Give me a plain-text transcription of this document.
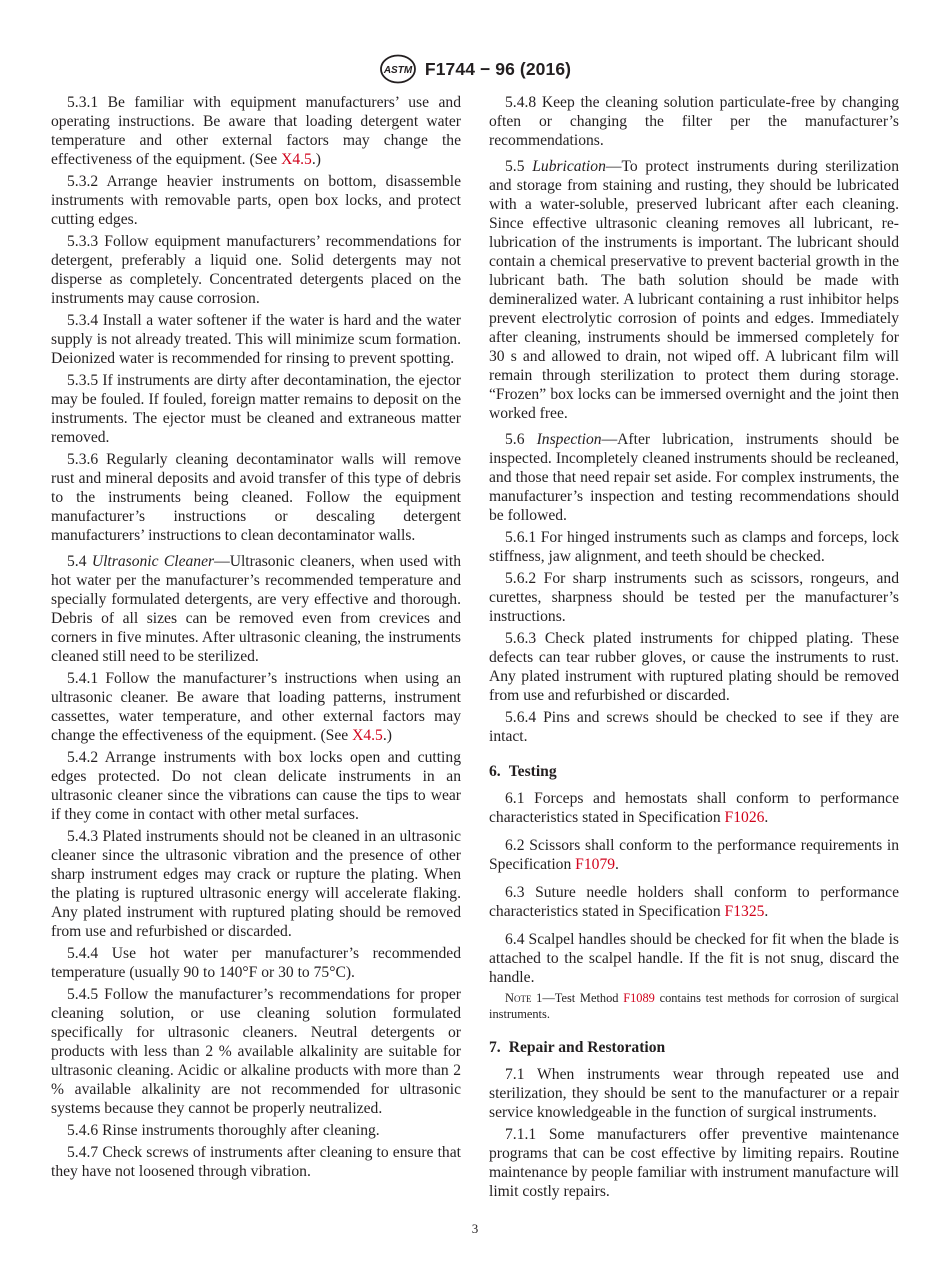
ASTM F1744 − 96 (2016)

5.3.1 Be familiar with equipment manufacturers’ use and operating instructions. Be aware that loading detergent water temperature and other external factors may change the effectiveness of the equipment. (See X4.5.)

5.3.2 Arrange heavier instruments on bottom, disassemble instruments with removable parts, open box locks, and protect cutting edges.

5.3.3 Follow equipment manufacturers’ recommendations for detergent, preferably a liquid one. Solid detergents may not disperse as completely. Concentrated detergents placed on the instruments may cause corrosion.

5.3.4 Install a water softener if the water is hard and the water supply is not already treated. This will minimize scum formation. Deionized water is recommended for rinsing to prevent spotting.

5.3.5 If instruments are dirty after decontamination, the ejector may be fouled. If fouled, foreign matter remains to deposit on the instruments. The ejector must be cleaned and extraneous matter removed.

5.3.6 Regularly cleaning decontaminator walls will remove rust and mineral deposits and avoid transfer of this type of debris to the instruments being cleaned. Follow the equipment manufacturer’s instructions or descaling detergent manufacturers’ instructions to clean decontaminator walls.

5.4 Ultrasonic Cleaner—Ultrasonic cleaners, when used with hot water per the manufacturer’s recommended temperature and specially formulated detergents, are very effective and thorough. Debris of all sizes can be removed even from crevices and corners in five minutes. After ultrasonic cleaning, the instruments cleaned still need to be sterilized.

5.4.1 Follow the manufacturer’s instructions when using an ultrasonic cleaner. Be aware that loading patterns, instrument cassettes, water temperature, and other external factors may change the effectiveness of the equipment. (See X4.5.)

5.4.2 Arrange instruments with box locks open and cutting edges protected. Do not clean delicate instruments in an ultrasonic cleaner since the vibrations can cause the tips to wear if they come in contact with other metal surfaces.

5.4.3 Plated instruments should not be cleaned in an ultrasonic cleaner since the ultrasonic vibration and the presence of other sharp instrument edges may crack or rupture the plating. When the plating is ruptured ultrasonic energy will accelerate flaking. Any plated instrument with ruptured plating should be removed from use and refurbished or discarded.

5.4.4 Use hot water per manufacturer’s recommended temperature (usually 90 to 140°F or 30 to 75°C).

5.4.5 Follow the manufacturer’s recommendations for proper cleaning solution, or use cleaning solution formulated specifically for ultrasonic cleaners. Neutral detergents or products with less than 2 % available alkalinity are suitable for ultrasonic cleaning. Acidic or alkaline products with more than 2 % available alkalinity are not recommended for ultrasonic systems because they cannot be properly neutralized.

5.4.6 Rinse instruments thoroughly after cleaning.

5.4.7 Check screws of instruments after cleaning to ensure that they have not loosened through vibration.

5.4.8 Keep the cleaning solution particulate-free by changing often or changing the filter per the manufacturer’s recommendations.

5.5 Lubrication—To protect instruments during sterilization and storage from staining and rusting, they should be lubricated with a water-soluble, preserved lubricant after each cleaning. Since effective ultrasonic cleaning removes all lubricant, re-lubrication of the instruments is important. The lubricant should contain a chemical preservative to prevent bacterial growth in the lubricant bath. The bath solution should be made with demineralized water. A lubricant containing a rust inhibitor helps prevent electrolytic corrosion of points and edges. Immediately after cleaning, instruments should be immersed completely for 30 s and allowed to drain, not wiped off. A lubricant film will remain through sterilization to protect them during storage. “Frozen” box locks can be immersed overnight and the joint then worked free.

5.6 Inspection—After lubrication, instruments should be inspected. Incompletely cleaned instruments should be recleaned, and those that need repair set aside. For complex instruments, the manufacturer’s inspection and testing recommendations should be followed.

5.6.1 For hinged instruments such as clamps and forceps, lock stiffness, jaw alignment, and teeth should be checked.

5.6.2 For sharp instruments such as scissors, rongeurs, and curettes, sharpness should be tested per the manufacturer’s instructions.

5.6.3 Check plated instruments for chipped plating. These defects can tear rubber gloves, or cause the instruments to rust. Any plated instrument with ruptured plating should be removed from use and refurbished or discarded.

5.6.4 Pins and screws should be checked to see if they are intact.

6. Testing

6.1 Forceps and hemostats shall conform to performance characteristics stated in Specification F1026.

6.2 Scissors shall conform to the performance requirements in Specification F1079.

6.3 Suture needle holders shall conform to performance characteristics stated in Specification F1325.

6.4 Scalpel handles should be checked for fit when the blade is attached to the scalpel handle. If the fit is not snug, discard the handle.

Note 1—Test Method F1089 contains test methods for corrosion of surgical instruments.

7. Repair and Restoration

7.1 When instruments wear through repeated use and sterilization, they should be sent to the manufacturer or a repair service knowledgeable in the function of surgical instruments.

7.1.1 Some manufacturers offer preventive maintenance programs that can be cost effective by limiting repairs. Routine maintenance by people familiar with instrument manufacture will limit costly repairs.

3
